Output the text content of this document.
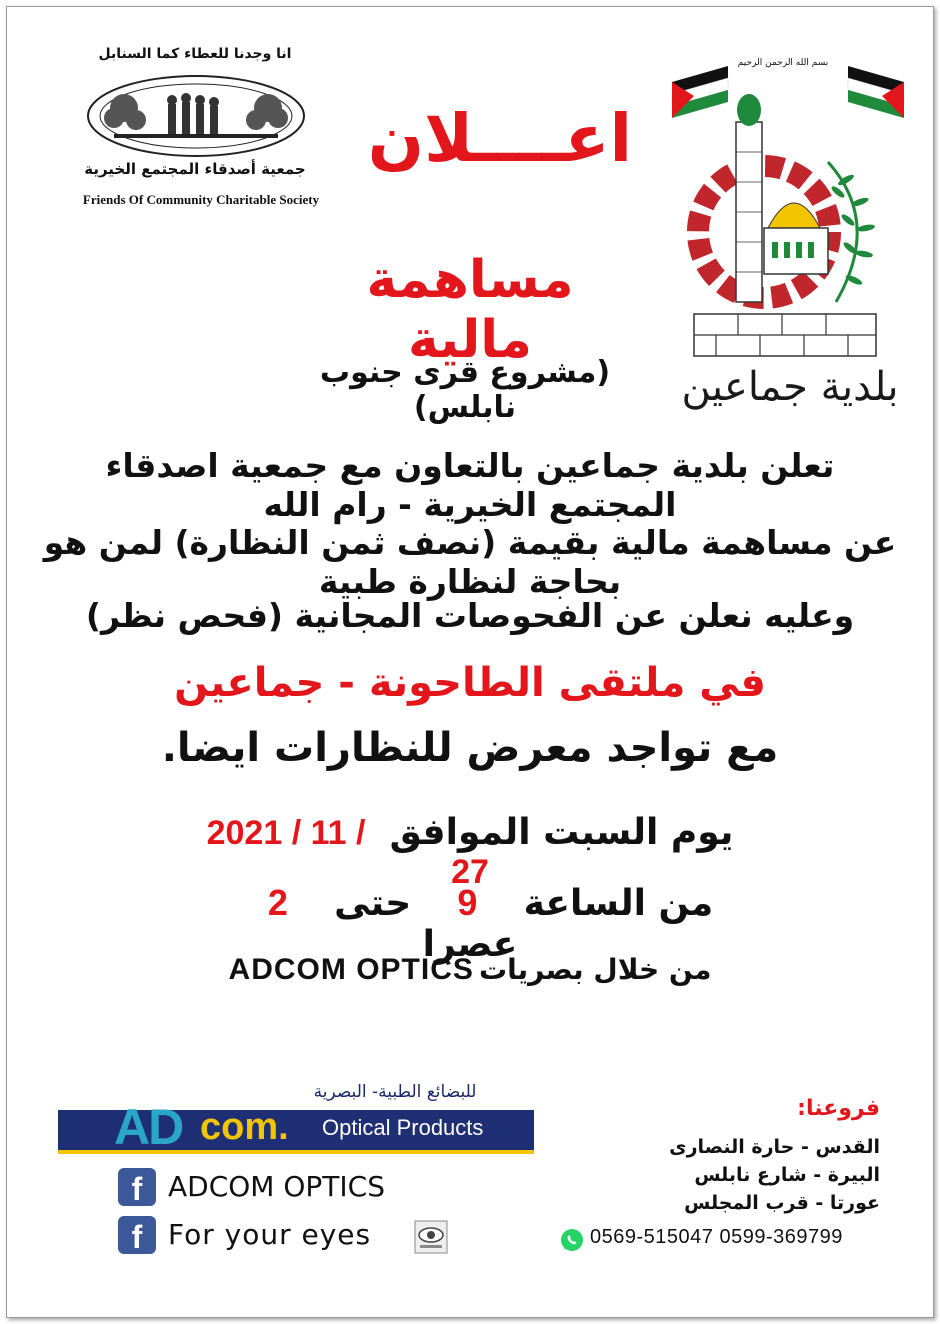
انا وجدنا للعطاء كما السنابل
جمعية أصدقاء المجتمع الخيرية
Friends Of Community Charitable Society
بسم الله الرحمن الرحيم
بلدية جماعين
اعــــلان
مساهمة مالية
(مشروع قرى جنوب نابلس)
تعلن بلدية جماعين بالتعاون مع جمعية اصدقاء المجتمع الخيرية - رام الله
عن مساهمة مالية بقيمة (نصف ثمن النظارة) لمن هو بحاجة لنظارة طبية
وعليه نعلن عن الفحوصات المجانية (فحص نظر)
في ملتقى الطاحونة - جماعين
مع تواجد معرض للنظارات ايضا.
يوم السبت الموافق  2021 / 11 / 27
من الساعة  9  حتى  2  عصرا
من خلال بصريات ADCOM OPTICS
للبضائع الطبية- البصرية
AD com. Optical Products
f ADCOM OPTICS
f For your eyes
فروعنا:
القدس - حارة النصارى
البيرة - شارع نابلس
عورتا - قرب المجلس
0569-515047 0599-369799
